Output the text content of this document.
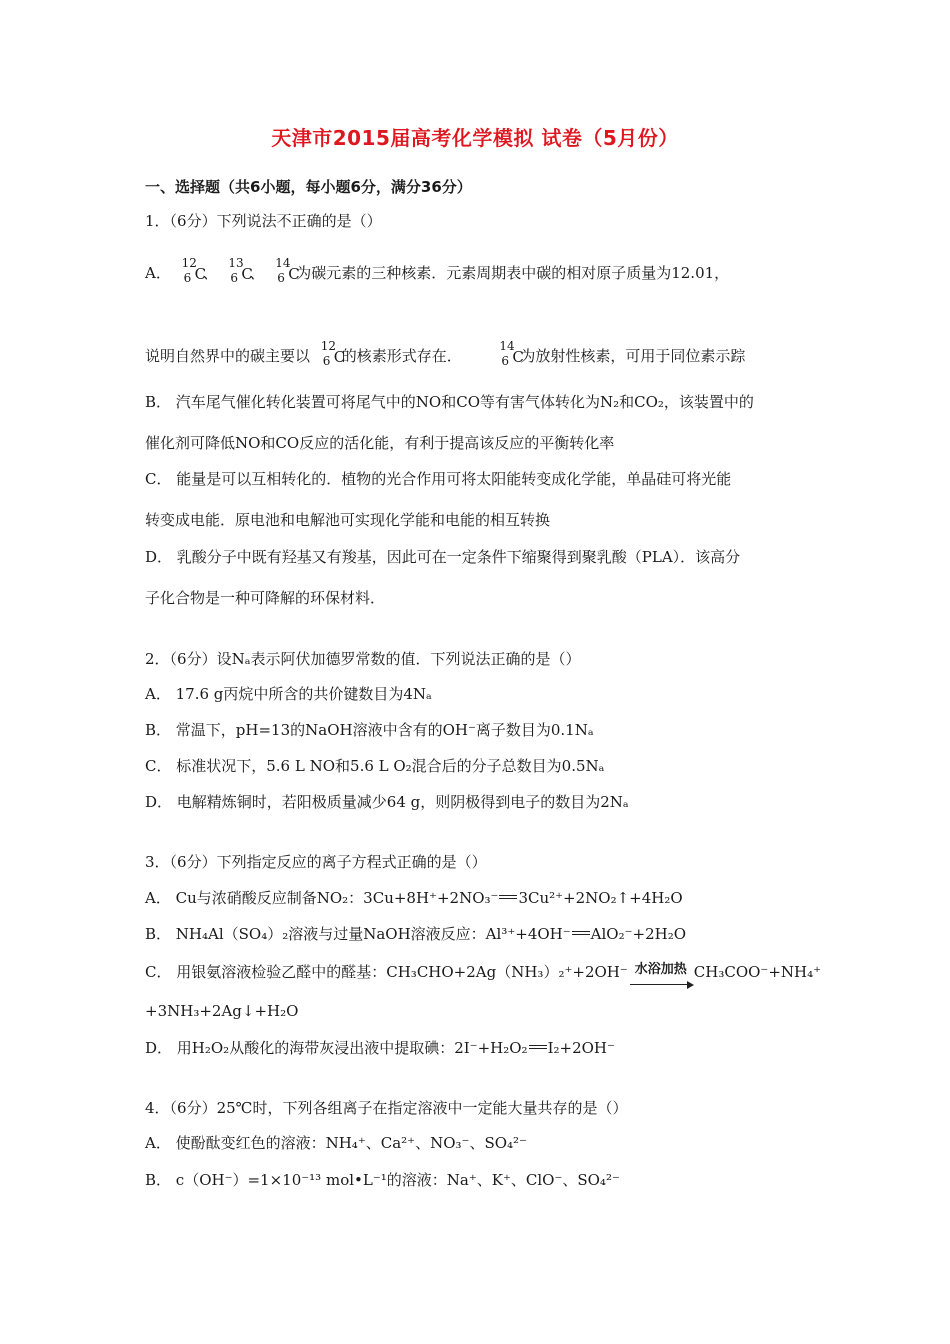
天津市2015届高考化学模拟 试卷（5月份）
一、选择题（共6小题，每小题6分，满分36分）
1．（6分）下列说法不正确的是（）
A．
12
6 C
、
13
6 C
、
14
6 C
为碳元素的三种核素．元素周期表中碳的相对原子质量为12.01，
说明自然界中的碳主要以
12
6 C
的核素形式存在．
14
6 C
为放射性核素，可用于同位素示踪
B． 汽车尾气催化转化装置可将尾气中的NO和CO等有害气体转化为N₂和CO₂，该装置中的
催化剂可降低NO和CO反应的活化能，有利于提高该反应的平衡转化率
C． 能量是可以互相转化的．植物的光合作用可将太阳能转变成化学能，单晶硅可将光能
转变成电能．原电池和电解池可实现化学能和电能的相互转换
D． 乳酸分子中既有羟基又有羧基，因此可在一定条件下缩聚得到聚乳酸（PLA）．该高分
子化合物是一种可降解的环保材料．
2．（6分）设Nₐ表示阿伏加德罗常数的值．下列说法正确的是（）
A． 17.6 g丙烷中所含的共价键数目为4Nₐ
B． 常温下，pH=13的NaOH溶液中含有的OH⁻离子数目为0.1Nₐ
C． 标准状况下，5.6 L NO和5.6 L O₂混合后的分子总数目为0.5Nₐ
D． 电解精炼铜时，若阳极质量减少64 g，则阴极得到电子的数目为2Nₐ
3．（6分）下列指定反应的离子方程式正确的是（）
A． Cu与浓硝酸反应制备NO₂：3Cu+8H⁺+2NO₃⁻ 3Cu²⁺+2NO₂↑+4H₂O
B． NH₄Al（SO₄）₂溶液与过量NaOH溶液反应：Al³⁺+4OH⁻ AlO₂⁻+2H₂O
C． 用银氨溶液检验乙醛中的醛基：CH₃CHO+2Ag（NH₃）₂⁺+2OH⁻ 水浴加热 CH₃COO⁻+NH₄⁺
+3NH₃+2Ag↓+H₂O
D． 用H₂O₂从酸化的海带灰浸出液中提取碘：2I⁻+H₂O₂ I₂+2OH⁻
4．（6分）25℃时，下列各组离子在指定溶液中一定能大量共存的是（）
A． 使酚酞变红色的溶液：NH₄⁺、Ca²⁺、NO₃⁻、SO₄²⁻
B． c（OH⁻）=1×10⁻¹³ mol•L⁻¹的溶液：Na⁺、K⁺、ClO⁻、SO₄²⁻
